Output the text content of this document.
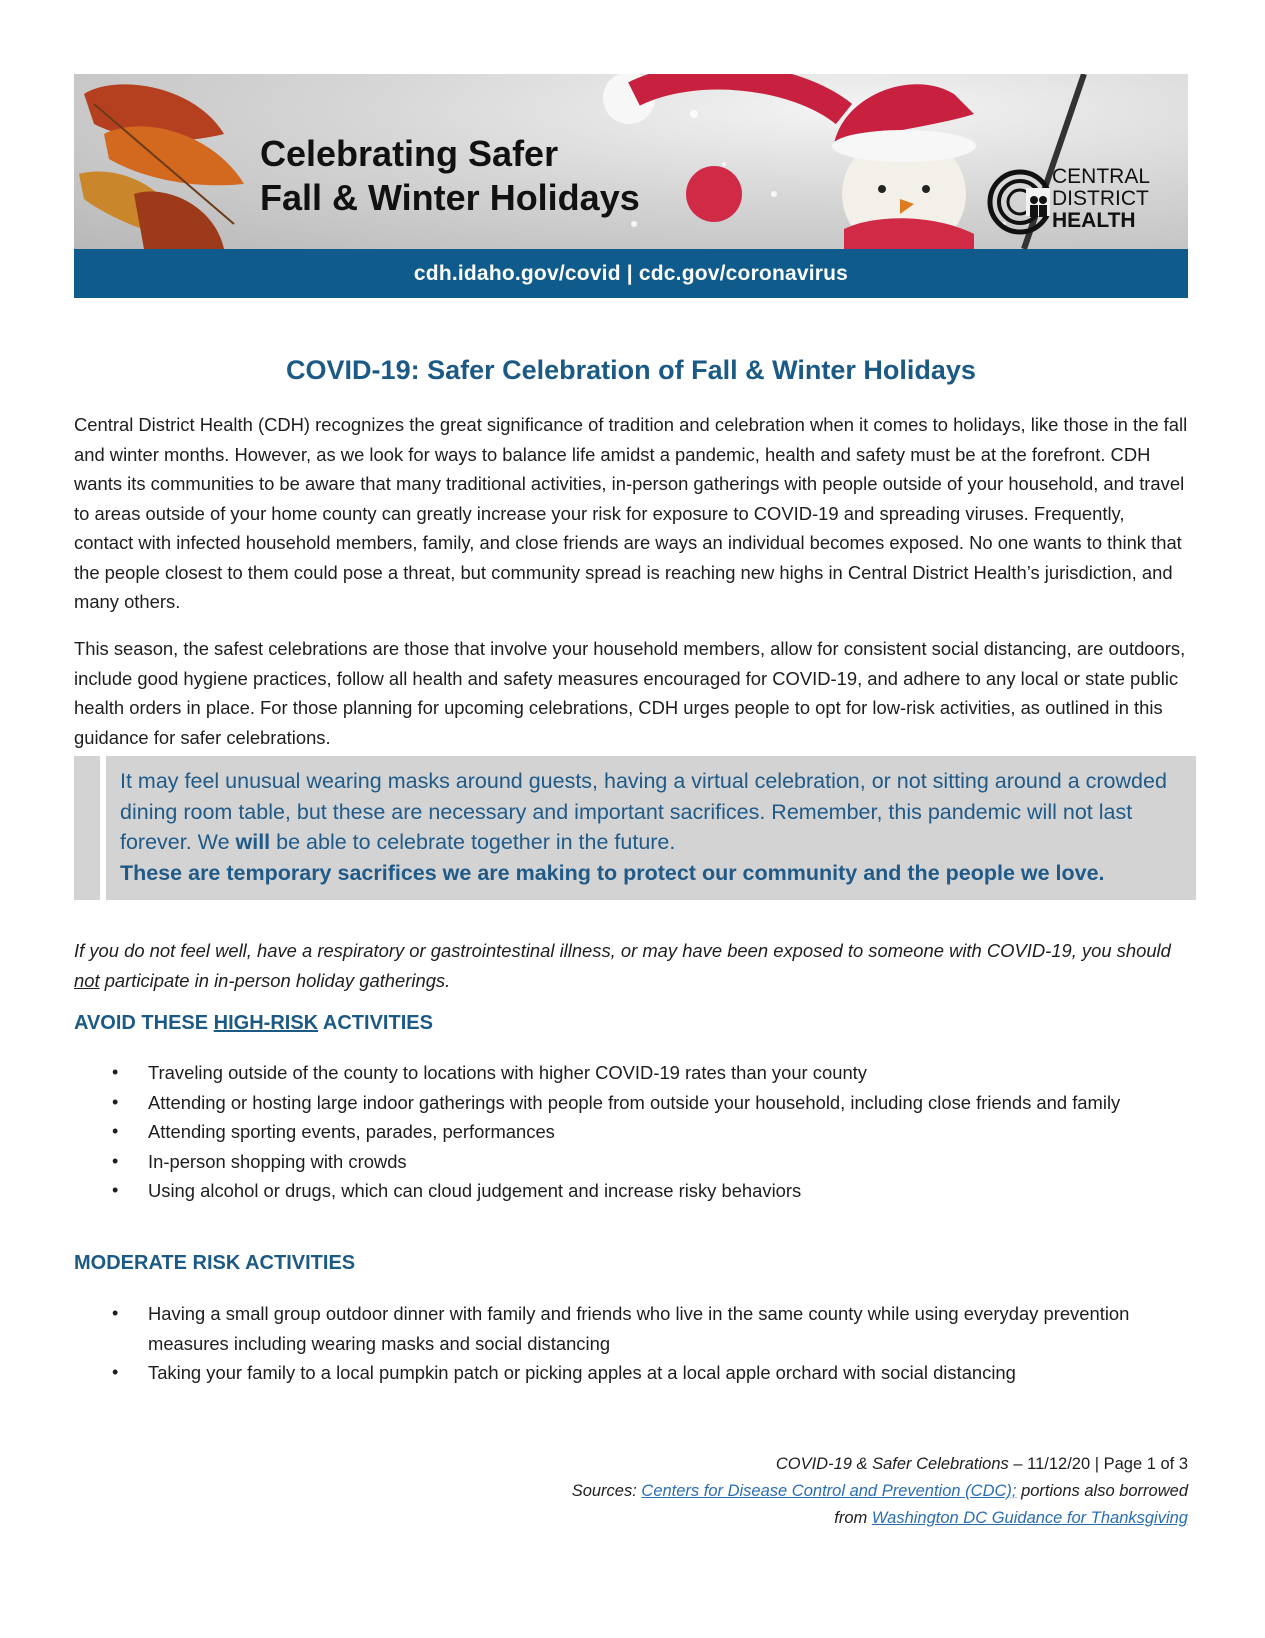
Celebrating Safer
Fall & Winter Holidays
CENTRAL
DISTRICT
HEALTH
cdh.idaho.gov/covid | cdc.gov/coronavirus
COVID-19: Safer Celebration of Fall & Winter Holidays
Central District Health (CDH) recognizes the great significance of tradition and celebration when it comes to holidays, like those in the fall and winter months. However, as we look for ways to balance life amidst a pandemic, health and safety must be at the forefront. CDH wants its communities to be aware that many traditional activities, in-person gatherings with people outside of your household, and travel to areas outside of your home county can greatly increase your risk for exposure to COVID-19 and spreading viruses. Frequently, contact with infected household members, family, and close friends are ways an individual becomes exposed. No one wants to think that the people closest to them could pose a threat, but community spread is reaching new highs in Central District Health’s jurisdiction, and many others.
This season, the safest celebrations are those that involve your household members, allow for consistent social distancing, are outdoors, include good hygiene practices, follow all health and safety measures encouraged for COVID-19, and adhere to any local or state public health orders in place. For those planning for upcoming celebrations, CDH urges people to opt for low-risk activities, as outlined in this guidance for safer celebrations.
It may feel unusual wearing masks around guests, having a virtual celebration, or not sitting around a crowded dining room table, but these are necessary and important sacrifices. Remember, this pandemic will not last forever. We will be able to celebrate together in the future.
These are temporary sacrifices we are making to protect our community and the people we love.
If you do not feel well, have a respiratory or gastrointestinal illness, or may have been exposed to someone with COVID-19, you should not participate in in-person holiday gatherings.
AVOID THESE HIGH-RISK ACTIVITIES
• Traveling outside of the county to locations with higher COVID-19 rates than your county
• Attending or hosting large indoor gatherings with people from outside your household, including close friends and family
• Attending sporting events, parades, performances
• In-person shopping with crowds
• Using alcohol or drugs, which can cloud judgement and increase risky behaviors
MODERATE RISK ACTIVITIES
• Having a small group outdoor dinner with family and friends who live in the same county while using everyday prevention measures including wearing masks and social distancing
• Taking your family to a local pumpkin patch or picking apples at a local apple orchard with social distancing
COVID-19 & Safer Celebrations – 11/12/20 | Page 1 of 3
Sources: Centers for Disease Control and Prevention (CDC); portions also borrowed
from Washington DC Guidance for Thanksgiving
